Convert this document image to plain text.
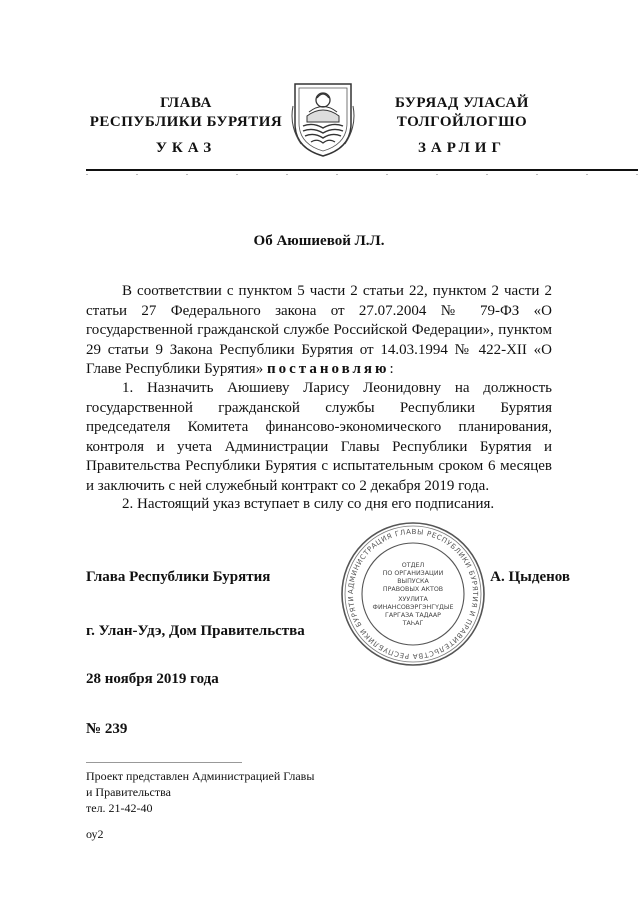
ГЛАВА
РЕСПУБЛИКИ БУРЯТИЯ
УКАЗ
БУРЯАД УЛАСАЙ
ТОЛГОЙЛОГШО
ЗАРЛИГ
Об Аюшиевой Л.Л.

В соответствии с пунктом 5 части 2 статьи 22, пунктом 2 части 2 статьи 27 Федерального закона от 27.07.2004 № 79-ФЗ «О государственной гражданской службе Российской Федерации», пунктом 29 статьи 9 Закона Республики Бурятия от 14.03.1994 № 422-XII «О Главе Республики Бурятия» постановляю:

1. Назначить Аюшиеву Ларису Леонидовну на должность государственной гражданской службы Республики Бурятия председателя Комитета финансово-экономического планирования, контроля и учета Администрации Главы Республики Бурятия и Правительства Республики Бурятия с испытательным сроком 6 месяцев и заключить с ней служебный контракт со 2 декабря 2019 года.

2. Настоящий указ вступает в силу со дня его подписания.

Глава Республики Бурятия	А. Цыденов
АДМИНИСТРАЦИЯ ГЛАВЫ РЕСПУБЛИКИ БУРЯТИЯ И ПРАВИТЕЛЬСТВА РЕСПУБЛИКИ БУРЯТИ
ОТДЕЛ
ПО ОРГАНИЗАЦИИ
ВЫПУСКА
ПРАВОВЫХ АКТОВ
ХУУЛИТА
ФИНАНСОВЭРГЭНГҮДЫЕ
ГАРГАЗА ТАДААР
ТАҺАГ
г. Улан-Удэ, Дом Правительства
28 ноября 2019 года
№ 239
Проект представлен Администрацией Главы
и Правительства
тел. 21-42-40
оу2
